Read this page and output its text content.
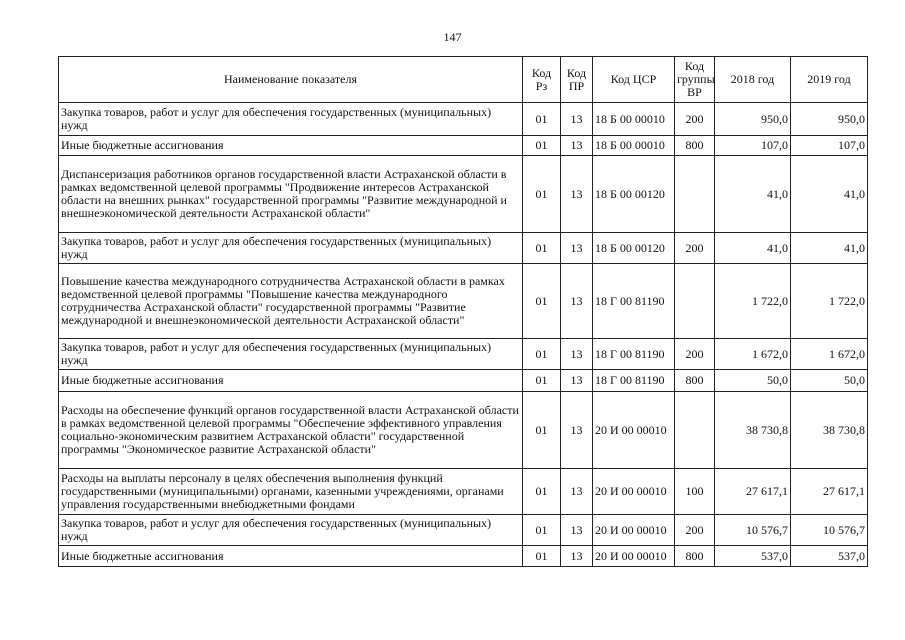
147
Наименование показателя	Код Рз	Код ПР	Код ЦСР	Код группы ВР	2018 год	2019 год
Закупка товаров, работ и услуг для обеспечения государственных (муниципальных) нужд	01	13	18 Б 00 00010	200	950,0	950,0
Иные бюджетные ассигнования	01	13	18 Б 00 00010	800	107,0	107,0
Диспансеризация работников органов государственной власти Астраханской области в рамках ведомственной целевой программы "Продвижение интересов Астраханской области на внешних рынках" государственной программы "Развитие международной и внешнеэкономической деятельности Астраханской области"	01	13	18 Б 00 00120		41,0	41,0
Закупка товаров, работ и услуг для обеспечения государственных (муниципальных) нужд	01	13	18 Б 00 00120	200	41,0	41,0
Повышение качества международного сотрудничества Астраханской области в рамках ведомственной целевой программы "Повышение качества международного сотрудничества Астраханской области" государственной программы "Развитие международной и внешнеэкономической деятельности Астраханской области"	01	13	18 Г 00 81190		1 722,0	1 722,0
Закупка товаров, работ и услуг для обеспечения государственных (муниципальных) нужд	01	13	18 Г 00 81190	200	1 672,0	1 672,0
Иные бюджетные ассигнования	01	13	18 Г 00 81190	800	50,0	50,0
Расходы на обеспечение функций органов государственной власти Астраханской области в рамках ведомственной целевой программы "Обеспечение эффективного управления социально-экономическим развитием Астраханской области" государственной программы "Экономическое развитие Астраханской области"	01	13	20 И 00 00010		38 730,8	38 730,8
Расходы на выплаты персоналу в целях обеспечения выполнения функций государственными (муниципальными) органами, казенными учреждениями, органами управления государственными внебюджетными фондами	01	13	20 И 00 00010	100	27 617,1	27 617,1
Закупка товаров, работ и услуг для обеспечения государственных (муниципальных) нужд	01	13	20 И 00 00010	200	10 576,7	10 576,7
Иные бюджетные ассигнования	01	13	20 И 00 00010	800	537,0	537,0
